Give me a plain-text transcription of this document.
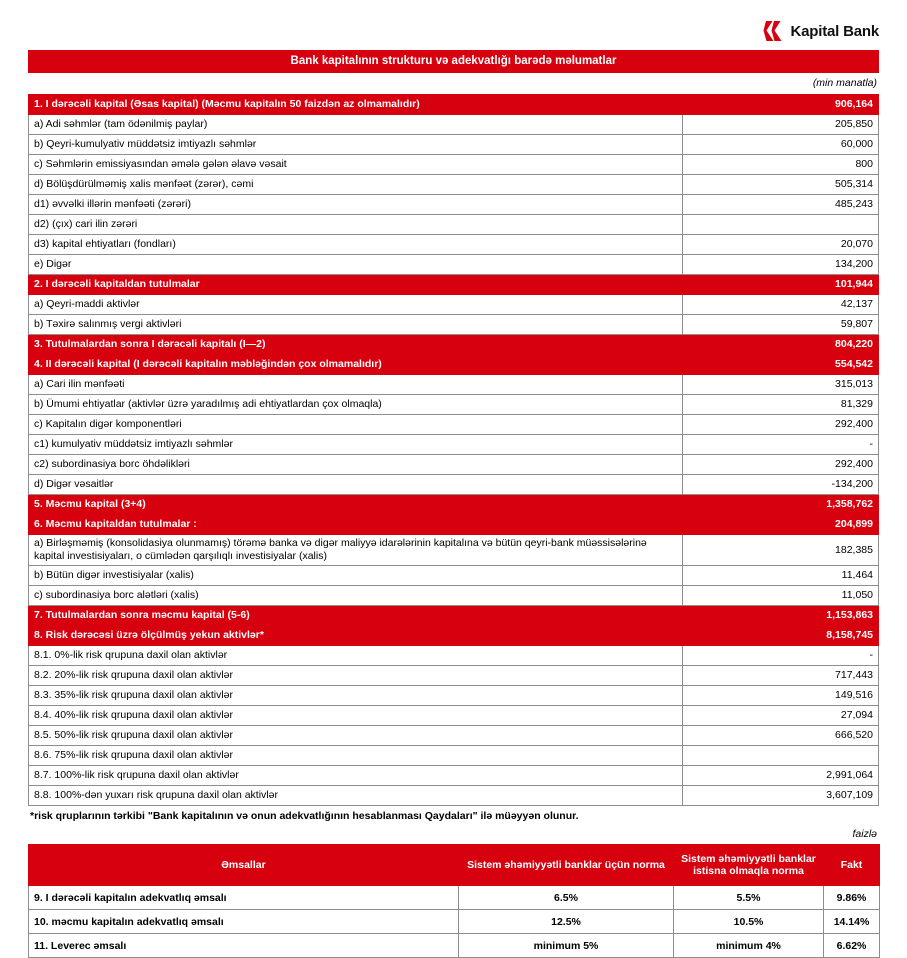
Kapital Bank
Bank kapitalının strukturu və adekvatlığı barədə məlumatlar
(min manatla)
1. I dərəcəli kapital (Əsas kapital) (Məcmu kapitalın 50 faizdən az olmamalıdır)	906,164
a) Adi səhmlər (tam ödənilmiş paylar)	205,850
b) Qeyri-kumulyativ müddətsiz imtiyazlı səhmlər	60,000
c) Səhmlərin emissiyasından əmələ gələn əlavə vəsait	800
d) Bölüşdürülməmiş xalis mənfəət (zərər), cəmi	505,314
d1) əvvəlki illərin mənfəəti (zərəri)	485,243
d2) (çıx) cari ilin zərəri	
d3) kapital ehtiyatları (fondları)	20,070
e) Digər	134,200
2. I dərəcəli kapitaldan tutulmalar	101,944
a) Qeyri-maddi aktivlər	42,137
b) Təxirə salınmış vergi aktivləri	59,807
3. Tutulmalardan sonra I dərəcəli kapitalı (I—2)	804,220
4. II dərəcəli kapital (I dərəcəli kapitalın məbləğindən çox olmamalıdır)	554,542
a) Cari ilin mənfəəti	315,013
b) Ümumi ehtiyatlar (aktivlər üzrə yaradılmış adi ehtiyatlardan çox olmaqla)	81,329
c) Kapitalın digər komponentləri	292,400
c1) kumulyativ müddətsiz imtiyazlı səhmlər	-
c2) subordinasiya borc öhdəlikləri	292,400
d) Digər vəsaitlər	-134,200
5. Məcmu kapital (3+4)	1,358,762
6. Məcmu kapitaldan tutulmalar :	204,899
a) Birləşməmiş (konsolidasiya olunmamış) törəmə banka və digər maliyyə idarələrinin kapitalına və bütün qeyri-bank müəssisələrinə kapital investisiyaları, o cümlədən qarşılıqlı investisiyalar (xalis)	182,385
b) Bütün digər investisiyalar (xalis)	11,464
c) subordinasiya borc alətləri (xalis)	11,050
7. Tutulmalardan sonra məcmu kapital (5-6)	1,153,863
8. Risk dərəcəsi üzrə ölçülmüş yekun aktivlər*	8,158,745
8.1. 0%-lik risk qrupuna daxil olan aktivlər	-
8.2. 20%-lik risk qrupuna daxil olan aktivlər	717,443
8.3. 35%-lik risk qrupuna daxil olan aktivlər	149,516
8.4. 40%-lik risk qrupuna daxil olan aktivlər	27,094
8.5. 50%-lik risk qrupuna daxil olan aktivlər	666,520
8.6. 75%-lik risk qrupuna daxil olan aktivlər	
8.7. 100%-lik risk qrupuna daxil olan aktivlər	2,991,064
8.8. 100%-dən yuxarı risk qrupuna daxil olan aktivlər	3,607,109
*risk qruplarının tərkibi "Bank kapitalının və onun adekvatlığının hesablanması Qaydaları" ilə müəyyən olunur.
faizlə
Əmsallar	Sistem əhəmiyyətli banklar üçün norma	Sistem əhəmiyyətli banklar istisna olmaqla norma	Fakt
9. I dərəcəli kapitalın adekvatlıq əmsalı	6.5%	5.5%	9.86%
10. məcmu kapitalın adekvatlıq əmsalı	12.5%	10.5%	14.14%
11. Leverec əmsalı	minimum 5%	minimum 4%	6.62%
